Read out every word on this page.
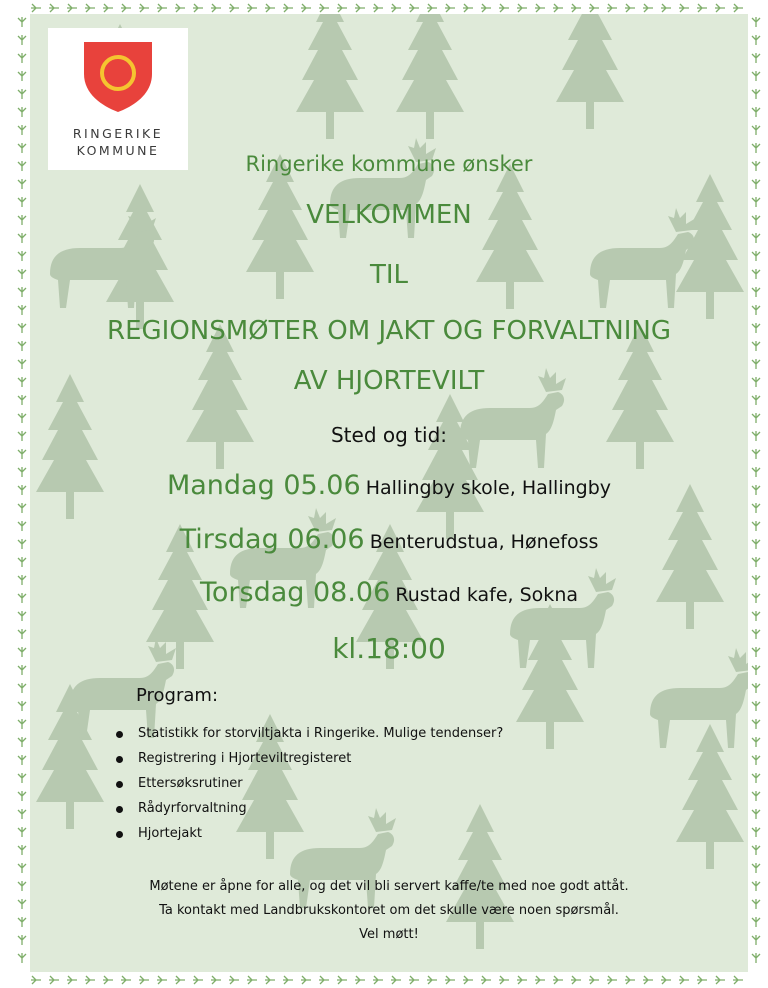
RINGERIKE
KOMMUNE
Ringerike kommune ønsker
VELKOMMEN
TIL
REGIONSMØTER OM JAKT OG FORVALTNING
AV HJORTEVILT
Sted og tid:
Mandag 05.06 Hallingby skole, Hallingby
Tirsdag 06.06 Benterudstua, Hønefoss
Torsdag 08.06 Rustad kafe, Sokna
kl.18:00
Program:
Statistikk for storviltjakta i Ringerike. Mulige tendenser?
Registrering i Hjorteviltregisteret
Ettersøksrutiner
Rådyrforvaltning
Hjortejakt
Møtene er åpne for alle, og det vil bli servert kaffe/te med noe godt attåt.
Ta kontakt med Landbrukskontoret om det skulle være noen spørsmål.
Vel møtt!
